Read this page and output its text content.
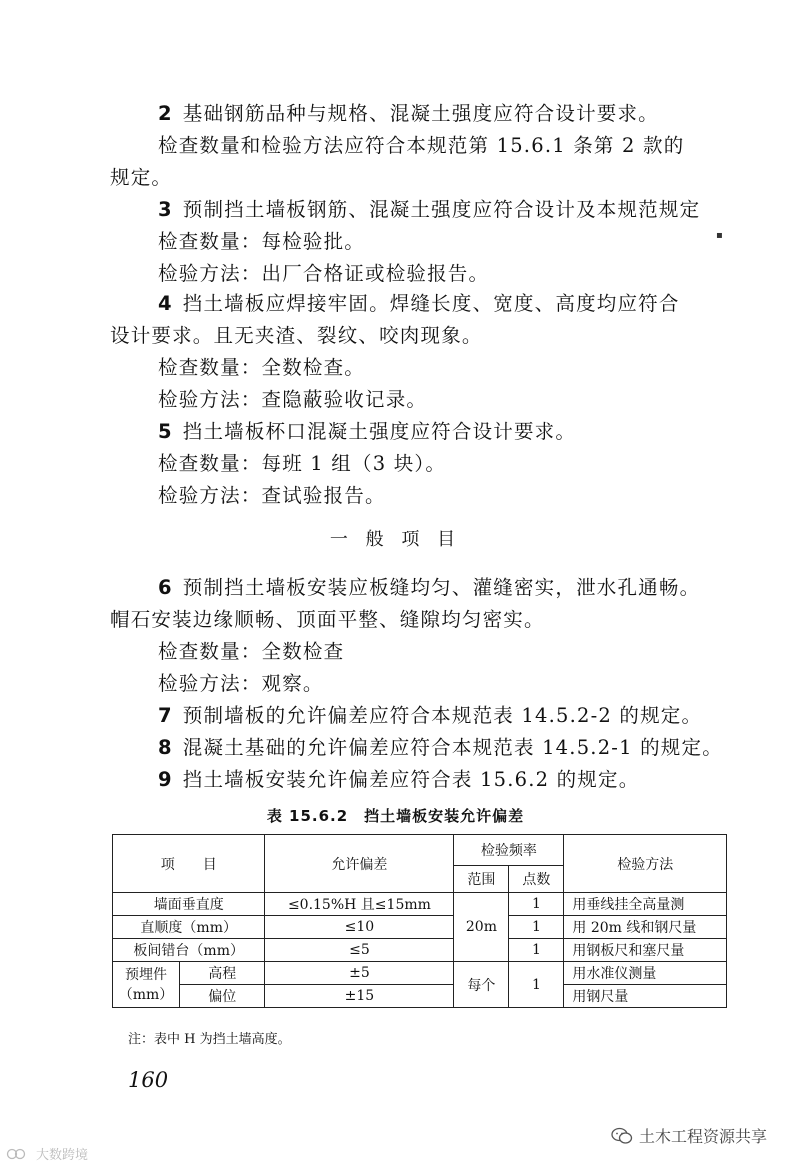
2 基础钢筋品种与规格、混凝土强度应符合设计要求。
检查数量和检验方法应符合本规范第 15.6.1 条第 2 款的
规定。
3 预制挡土墙板钢筋、混凝土强度应符合设计及本规范规定
▪
检查数量：每检验批。
检验方法：出厂合格证或检验报告。
4 挡土墙板应焊接牢固。焊缝长度、宽度、高度均应符合
设计要求。且无夹渣、裂纹、咬肉现象。
检查数量：全数检查。
检验方法：查隐蔽验收记录。
5 挡土墙板杯口混凝土强度应符合设计要求。
检查数量：每班 1 组（3 块）。
检验方法：查试验报告。
一 般 项 目
6 预制挡土墙板安装应板缝均匀、灌缝密实，泄水孔通畅。
帽石安装边缘顺畅、顶面平整、缝隙均匀密实。
检查数量：全数检查
检验方法：观察。
7 预制墙板的允许偏差应符合本规范表 14.5.2-2 的规定。
8 混凝土基础的允许偏差应符合本规范表 14.5.2-1 的规定。
9 挡土墙板安装允许偏差应符合表 15.6.2 的规定。
表 15.6.2　挡土墙板安装允许偏差
项　　目		允许偏差	检验频率		检验方法
			范围	点数	
墙面垂直度		≤0.15%H 且≤15mm	20m	1	用垂线挂全高量测
直顺度（mm）		≤10		1	用 20m 线和钢尺量
板间错台（mm）		≤5		1	用钢板尺和塞尺量
预埋件
（mm）	高程	±5	每个	1	用水准仪测量
	偏位	±15			用钢尺量
注：表中 H 为挡土墙高度。
160
土木工程资源共享
大数跨境
